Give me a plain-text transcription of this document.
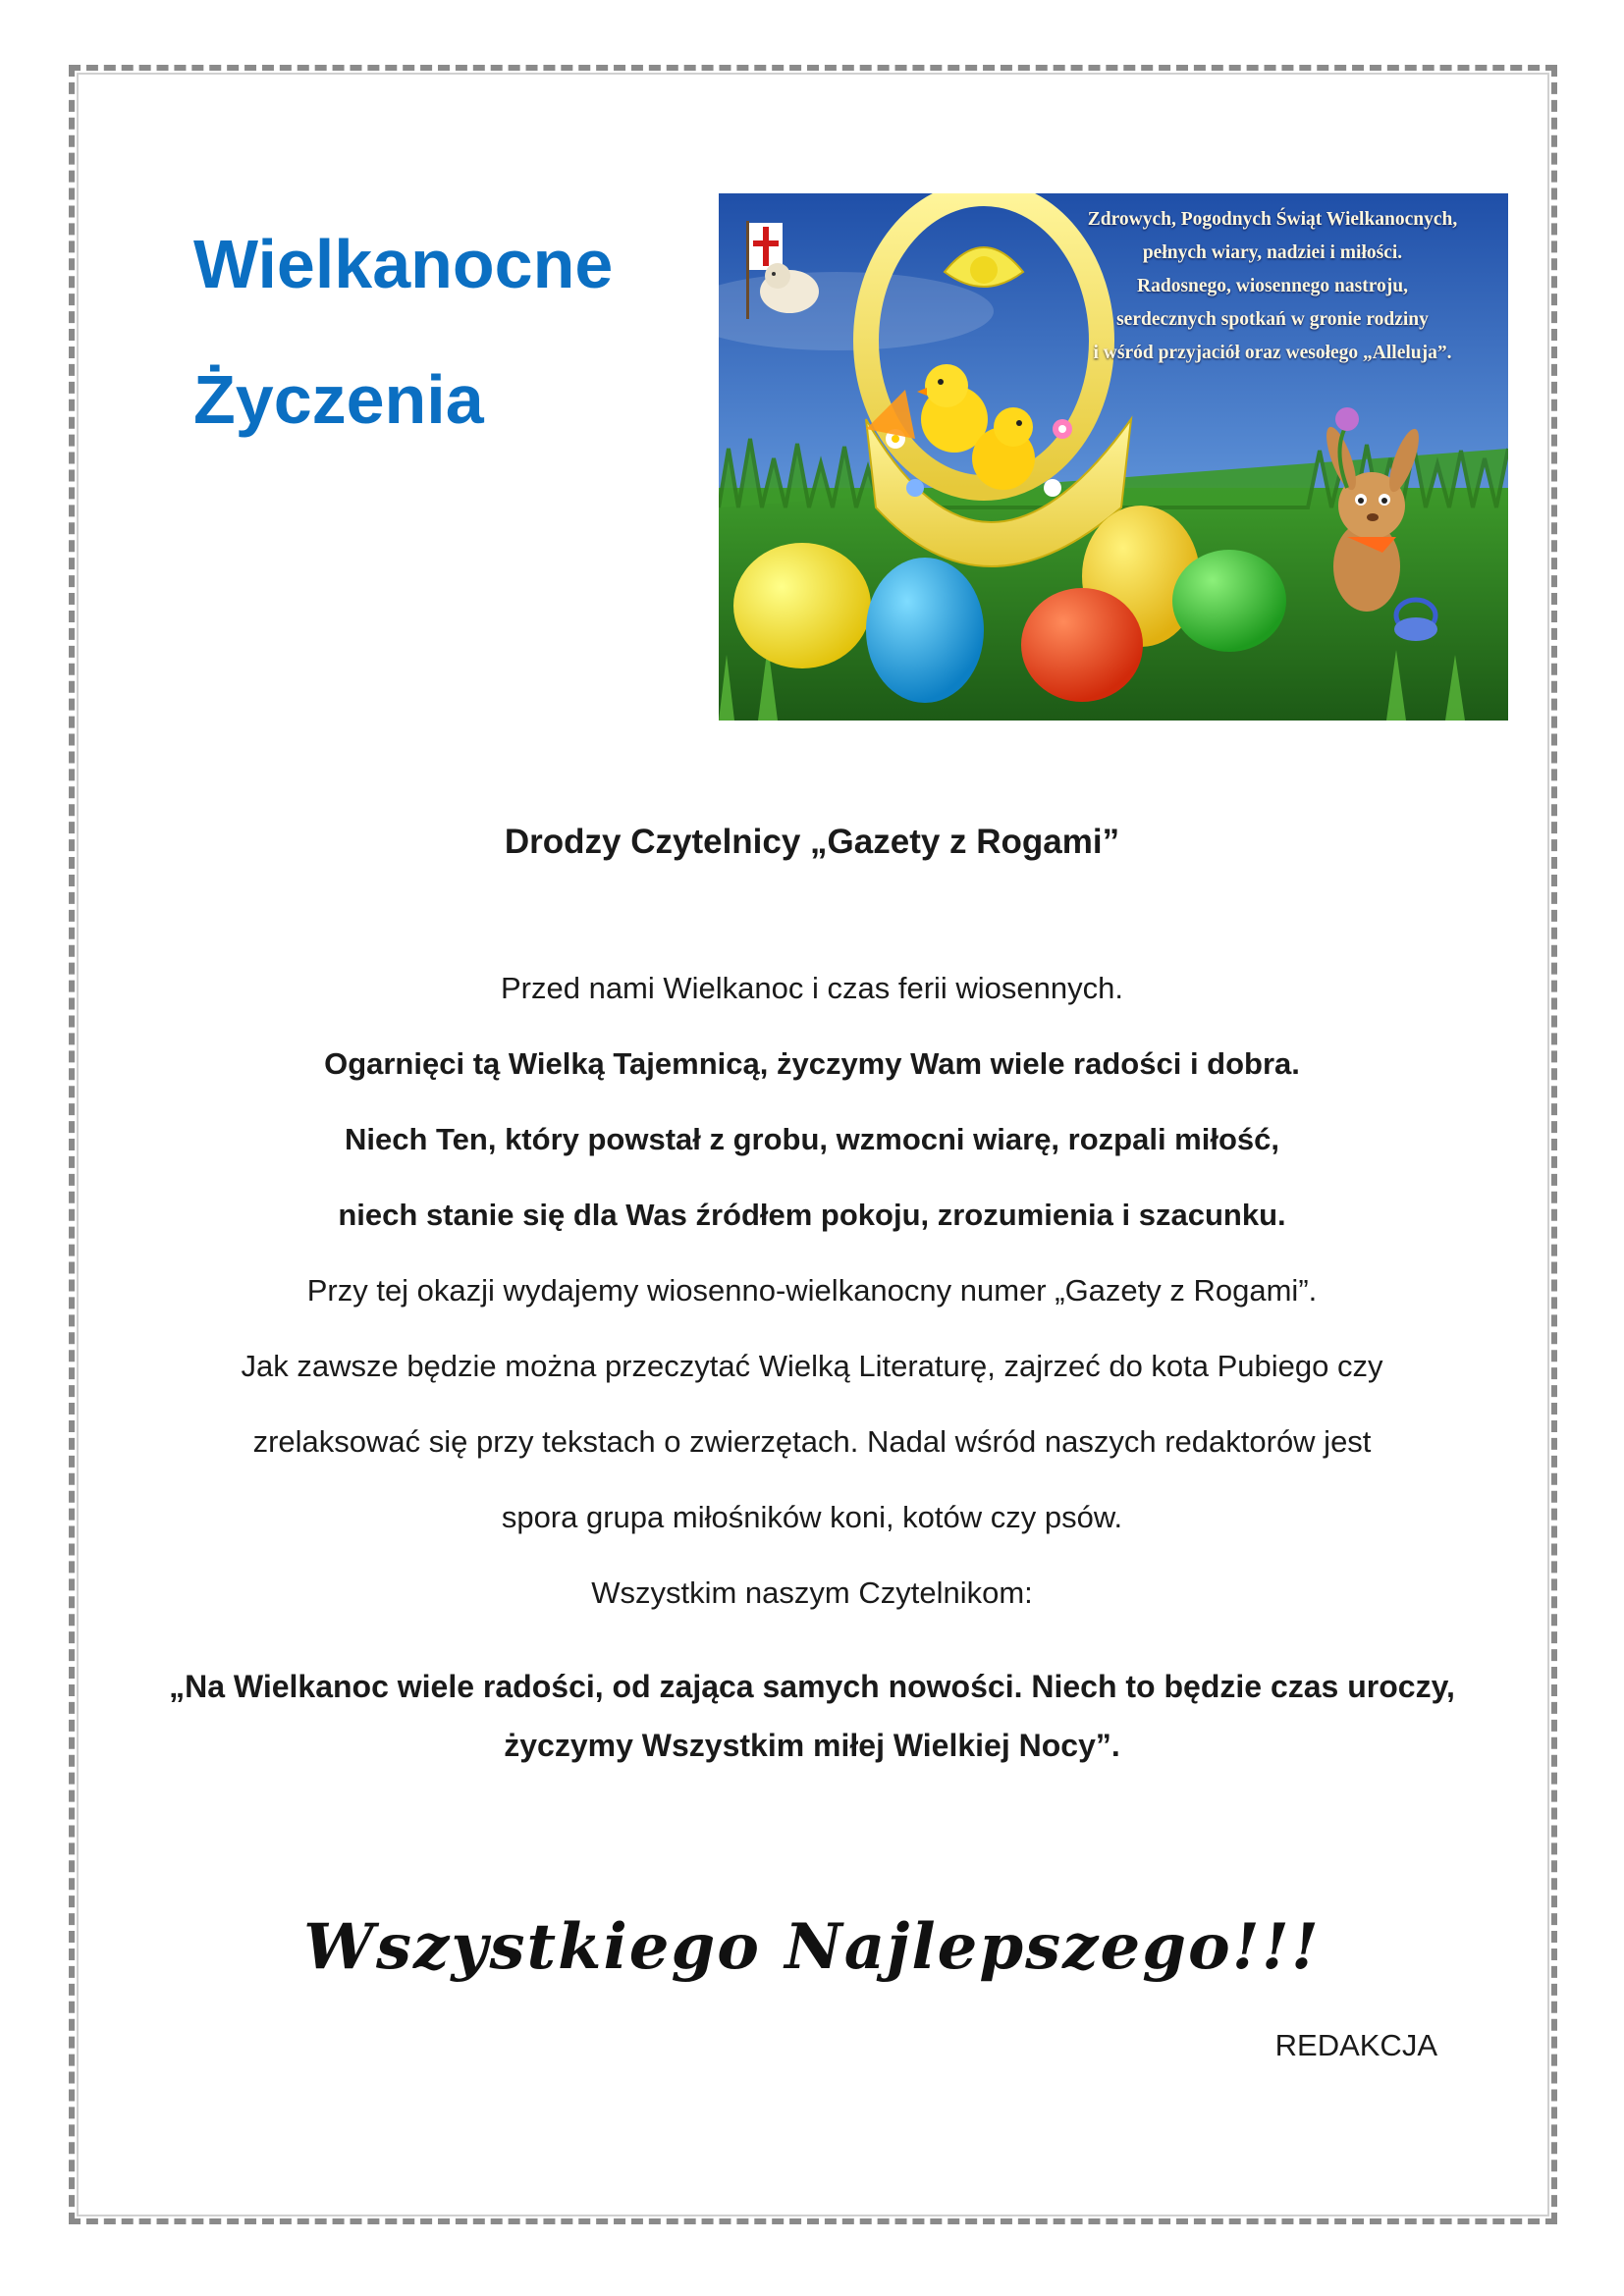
Wielkanocne
Życzenia
Zdrowych, Pogodnych Świąt Wielkanocnych,
pełnych wiary, nadziei i miłości.
Radosnego, wiosennego nastroju,
serdecznych spotkań w gronie rodziny
i wśród przyjaciół oraz wesołego „Alleluja”.
Drodzy Czytelnicy „Gazety z Rogami”
Przed nami Wielkanoc i czas ferii wiosennych.
Ogarnięci tą Wielką Tajemnicą, życzymy Wam wiele radości i dobra.
Niech Ten, który powstał z grobu, wzmocni wiarę, rozpali miłość,
niech stanie się dla Was źródłem pokoju, zrozumienia i szacunku.
Przy tej okazji wydajemy wiosenno-wielkanocny numer „Gazety z Rogami”.
Jak zawsze będzie można przeczytać Wielką Literaturę, zajrzeć do kota Pubiego czy
zrelaksować się przy tekstach o zwierzętach. Nadal wśród naszych redaktorów jest
spora grupa miłośników koni, kotów czy psów.
Wszystkim naszym Czytelnikom:
„Na Wielkanoc wiele radości, od zająca samych nowości. Niech to będzie czas uroczy, życzymy Wszystkim miłej Wielkiej Nocy”.
Wszystkiego Najlepszego!!!
REDAKCJA
